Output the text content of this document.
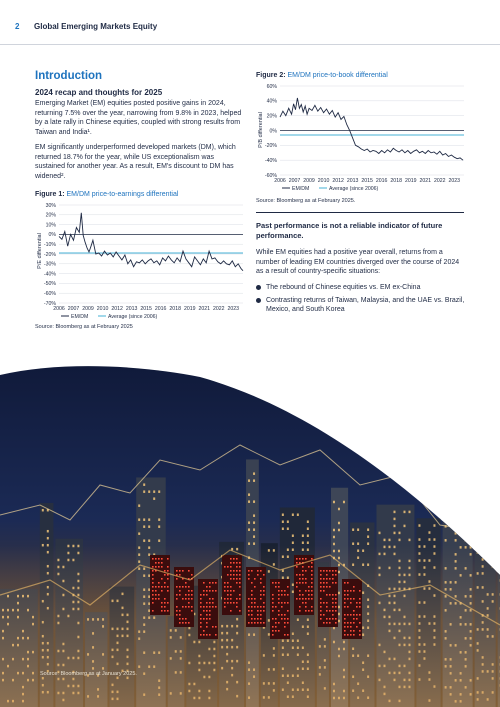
2 Global Emerging Markets Equity
Introduction
2024 recap and thoughts for 2025

Emerging Market (EM) equities posted positive gains in 2024, returning 7.5% over the year, narrowing from 9.8% in 2023, helped by a late rally in Chinese equities, coupled with strong results from Taiwan and India¹.

EM significantly underperformed developed markets (DM), which returned 18.7% for the year, while US exceptionalism was sustained for another year. As a result, EM's discount to DM has widened².

Figure 1: EM/DM price-to-earnings differential
30%
20%
10%
0%
-10%
-20%
-30%
-40%
-50%
-60%
-70%
2006 2007 2009 2010 2012 2013 2015 2016 2018 2019 2021 2022 2023
P/E differential
EM/DM	Average (since 2006)
Source: Bloomberg as at February 2025
Figure 2: EM/DM price-to-book differential
60%
40%
20%
0%
-20%
-40%
-60%
2006 2007 2009 2010 2012 2013 2015 2016 2018 2019 2021 2022 2023
P/B differential
EM/DM	Average (since 2006)
Source: Bloomberg as at February 2025.
Past performance is not a reliable indicator of future performance.

While EM equities had a positive year overall, returns from a number of leading EM countries diverged over the course of 2024 as a result of country-specific situations:

The rebound of Chinese equities vs. EM ex-China
Contrasting returns of Taiwan, Malaysia, and the UAE vs. Brazil, Mexico, and South Korea
Source: Bloomberg as at January 2025.
